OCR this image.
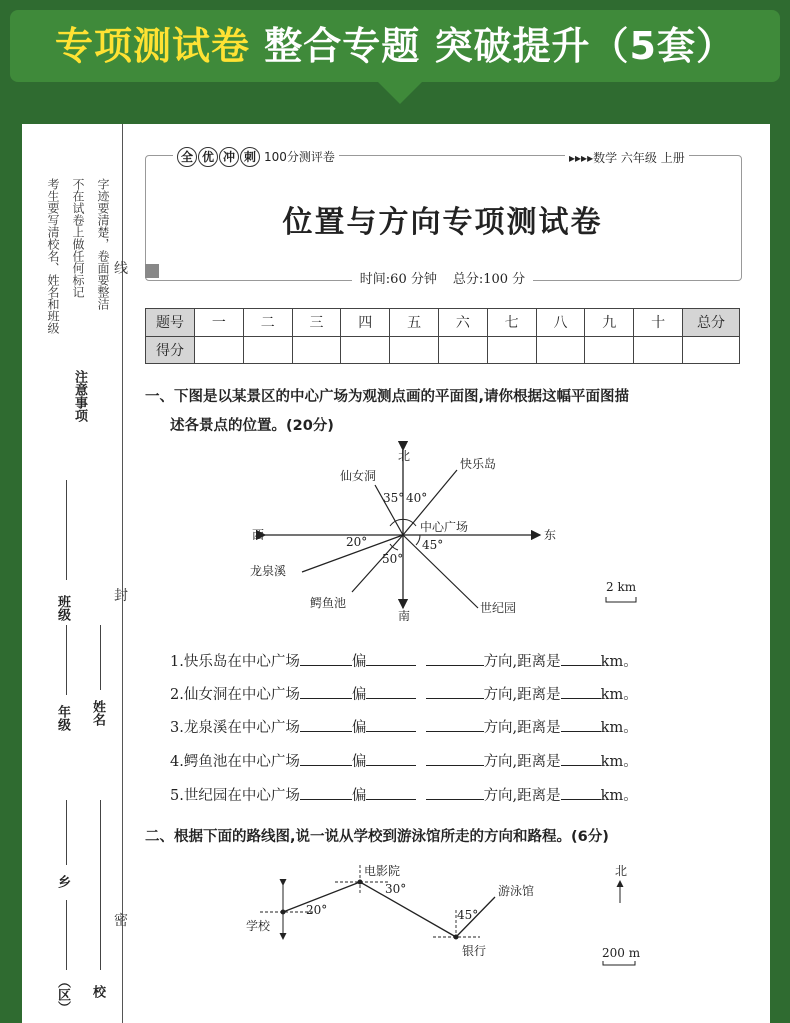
专项测试卷 整合专题 突破提升（5套）
考生要写清校名、姓名和班级 不在试卷上做任何标记 字迹要清楚，卷面要整洁
注意事项
线
封
密
班级
年级 姓名
乡
（区） 校
全 优 冲 刺 100分测评卷	▸▸▸▸数学 六年级 上册
位置与方向专项测试卷
时间:60 分钟 总分:100 分
题号	一	二	三	四	五	六	七	八	九	十	总分
得分											
一、下图是以某景区的中心广场为观测点画的平面图,请你根据这幅平面图描
述各景点的位置。(20分)
北
南
西	东
中心广场
快乐岛
仙女洞
龙泉溪
鳄鱼池	世纪园
35° 40°
20°	45°
50°
2 km
1.快乐岛在中心广场	偏	方向,距离是	km。
2.仙女洞在中心广场	偏	方向,距离是	km。
3.龙泉溪在中心广场	偏	方向,距离是	km。
4.鳄鱼池在中心广场	偏	方向,距离是	km。
5.世纪园在中心广场	偏	方向,距离是	km。
二、根据下面的路线图,说一说从学校到游泳馆所走的方向和路程。(6分)
学校
电影院
银行
游泳馆
20°
30°
45°
北
200 m
